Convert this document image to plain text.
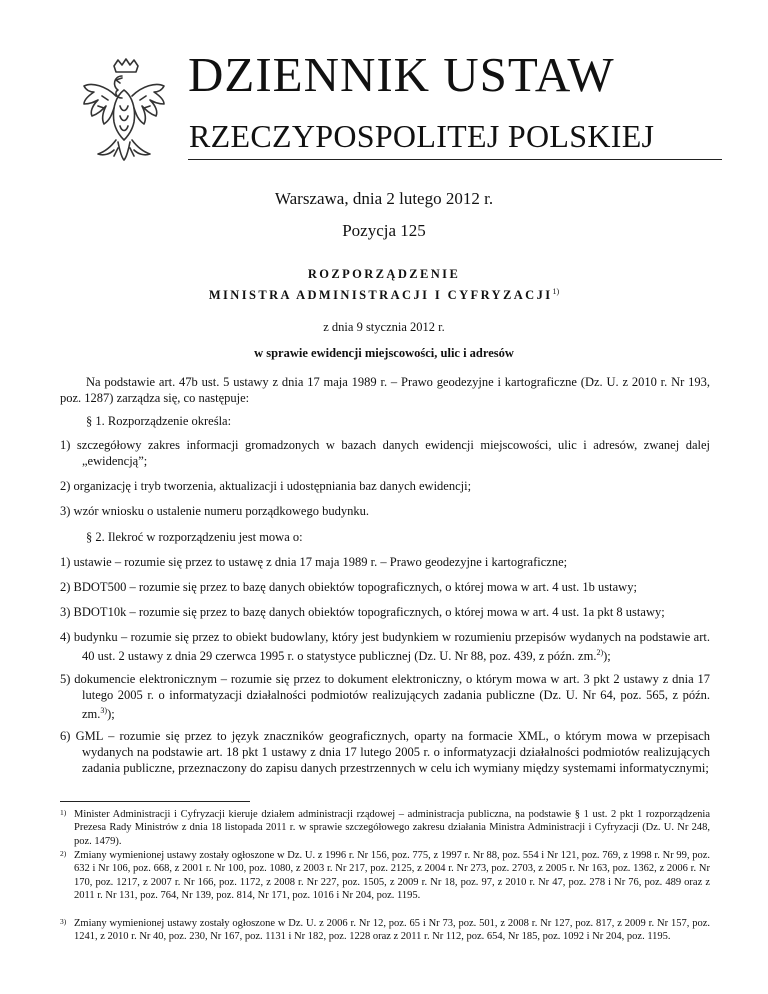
DZIENNIK USTAW
RZECZYPOSPOLITEJ POLSKIEJ
Warszawa, dnia 2 lutego 2012 r.
Pozycja 125
ROZPORZĄDZENIE
MINISTRA ADMINISTRACJI I CYFRYZACJI$^{1)}$
z dnia 9 stycznia 2012 r.
w sprawie ewidencji miejscowości, ulic i adresów

Na podstawie art. 47b ust. 5 ustawy z dnia 17 maja 1989 r. – Prawo geodezyjne i kartograficzne (Dz. U. z 2010 r. Nr 193, poz. 1287) zarządza się, co następuje:

§ 1. Rozporządzenie określa:

1) szczegółowy zakres informacji gromadzonych w bazach danych ewidencji miejscowości, ulic i adresów, zwanej dalej „ewidencją”;

2) organizację i tryb tworzenia, aktualizacji i udostępniania baz danych ewidencji;

3) wzór wniosku o ustalenie numeru porządkowego budynku.

§ 2. Ilekroć w rozporządzeniu jest mowa o:

1) ustawie – rozumie się przez to ustawę z dnia 17 maja 1989 r. – Prawo geodezyjne i kartograficzne;

2) BDOT500 – rozumie się przez to bazę danych obiektów topograficznych, o której mowa w art. 4 ust. 1b ustawy;

3) BDOT10k – rozumie się przez to bazę danych obiektów topograficznych, o której mowa w art. 4 ust. 1a pkt 8 ustawy;

4) budynku – rozumie się przez to obiekt budowlany, który jest budynkiem w rozumieniu przepisów wydanych na podstawie art. 40 ust. 2 ustawy z dnia 29 czerwca 1995 r. o statystyce publicznej (Dz. U. Nr 88, poz. 439, z późn. zm.$^{2)}$);

5) dokumencie elektronicznym – rozumie się przez to dokument elektroniczny, o którym mowa w art. 3 pkt 2 ustawy z dnia 17 lutego 2005 r. o informatyzacji działalności podmiotów realizujących zadania publiczne (Dz. U. Nr 64, poz. 565, z późn. zm.$^{3)}$);

6) GML – rozumie się przez to język znaczników geograficznych, oparty na formacie XML, o którym mowa w przepisach wydanych na podstawie art. 18 pkt 1 ustawy z dnia 17 lutego 2005 r. o informatyzacji działalności podmiotów realizujących zadania publiczne, przeznaczony do zapisu danych przestrzennych w celu ich wymiany między systemami informatycznymi;

1) Minister Administracji i Cyfryzacji kieruje działem administracji rządowej – administracja publiczna, na podstawie § 1 ust. 2 pkt 1 rozporządzenia Prezesa Rady Ministrów z dnia 18 listopada 2011 r. w sprawie szczegółowego zakresu działania Ministra Administracji i Cyfryzacji (Dz. U. Nr 248, poz. 1479).
2) Zmiany wymienionej ustawy zostały ogłoszone w Dz. U. z 1996 r. Nr 156, poz. 775, z 1997 r. Nr 88, poz. 554 i Nr 121, poz. 769, z 1998 r. Nr 99, poz. 632 i Nr 106, poz. 668, z 2001 r. Nr 100, poz. 1080, z 2003 r. Nr 217, poz. 2125, z 2004 r. Nr 273, poz. 2703, z 2005 r. Nr 163, poz. 1362, z 2006 r. Nr 170, poz. 1217, z 2007 r. Nr 166, poz. 1172, z 2008 r. Nr 227, poz. 1505, z 2009 r. Nr 18, poz. 97, z 2010 r. Nr 47, poz. 278 i Nr 76, poz. 489 oraz z 2011 r. Nr 131, poz. 764, Nr 139, poz. 814, Nr 171, poz. 1016 i Nr 204, poz. 1195.
3) Zmiany wymienionej ustawy zostały ogłoszone w Dz. U. z 2006 r. Nr 12, poz. 65 i Nr 73, poz. 501, z 2008 r. Nr 127, poz. 817, z 2009 r. Nr 157, poz. 1241, z 2010 r. Nr 40, poz. 230, Nr 167, poz. 1131 i Nr 182, poz. 1228 oraz z 2011 r. Nr 112, poz. 654, Nr 185, poz. 1092 i Nr 204, poz. 1195.
